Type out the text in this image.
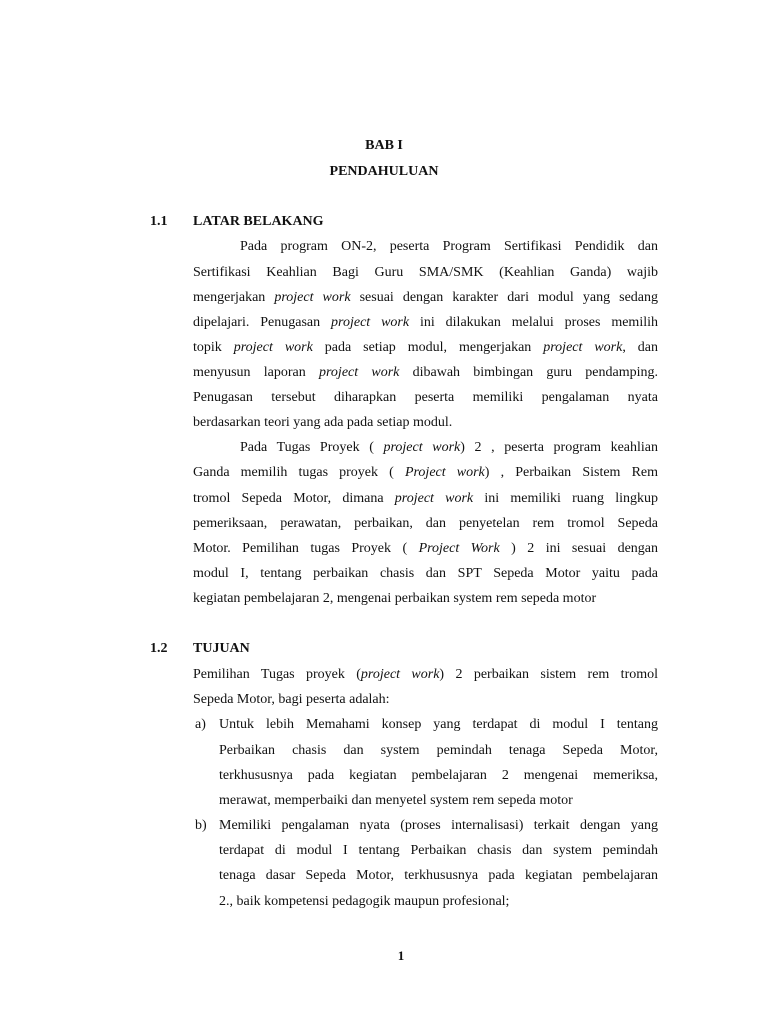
BAB I
PENDAHULUAN
1.1 LATAR BELAKANG
Pada program ON-2, peserta Program Sertifikasi Pendidik dan
Sertifikasi Keahlian Bagi Guru SMA/SMK (Keahlian Ganda) wajib
mengerjakan project work sesuai dengan karakter dari modul yang sedang
dipelajari. Penugasan project work ini dilakukan melalui proses memilih
topik project work pada setiap modul, mengerjakan project work, dan
menyusun laporan project work dibawah bimbingan guru pendamping.
Penugasan tersebut diharapkan peserta memiliki pengalaman nyata
berdasarkan teori yang ada pada setiap modul.
Pada Tugas Proyek ( project work) 2 , peserta program keahlian
Ganda memilih tugas proyek ( Project work) , Perbaikan Sistem Rem
tromol Sepeda Motor, dimana project work ini memiliki ruang lingkup
pemeriksaan, perawatan, perbaikan, dan penyetelan rem tromol Sepeda
Motor. Pemilihan tugas Proyek ( Project Work ) 2 ini sesuai dengan
modul I, tentang perbaikan chasis dan SPT Sepeda Motor yaitu pada
kegiatan pembelajaran 2, mengenai perbaikan system rem sepeda motor
1.2 TUJUAN
Pemilihan Tugas proyek (project work) 2 perbaikan sistem rem tromol
Sepeda Motor, bagi peserta adalah:
a) Untuk lebih Memahami konsep yang terdapat di modul I tentang
Perbaikan chasis dan system pemindah tenaga Sepeda Motor,
terkhususnya pada kegiatan pembelajaran 2 mengenai memeriksa,
merawat, memperbaiki dan menyetel system rem sepeda motor
b) Memiliki pengalaman nyata (proses internalisasi) terkait dengan yang
terdapat di modul I tentang Perbaikan chasis dan system pemindah
tenaga dasar Sepeda Motor, terkhususnya pada kegiatan pembelajaran
2., baik kompetensi pedagogik maupun profesional;
1
